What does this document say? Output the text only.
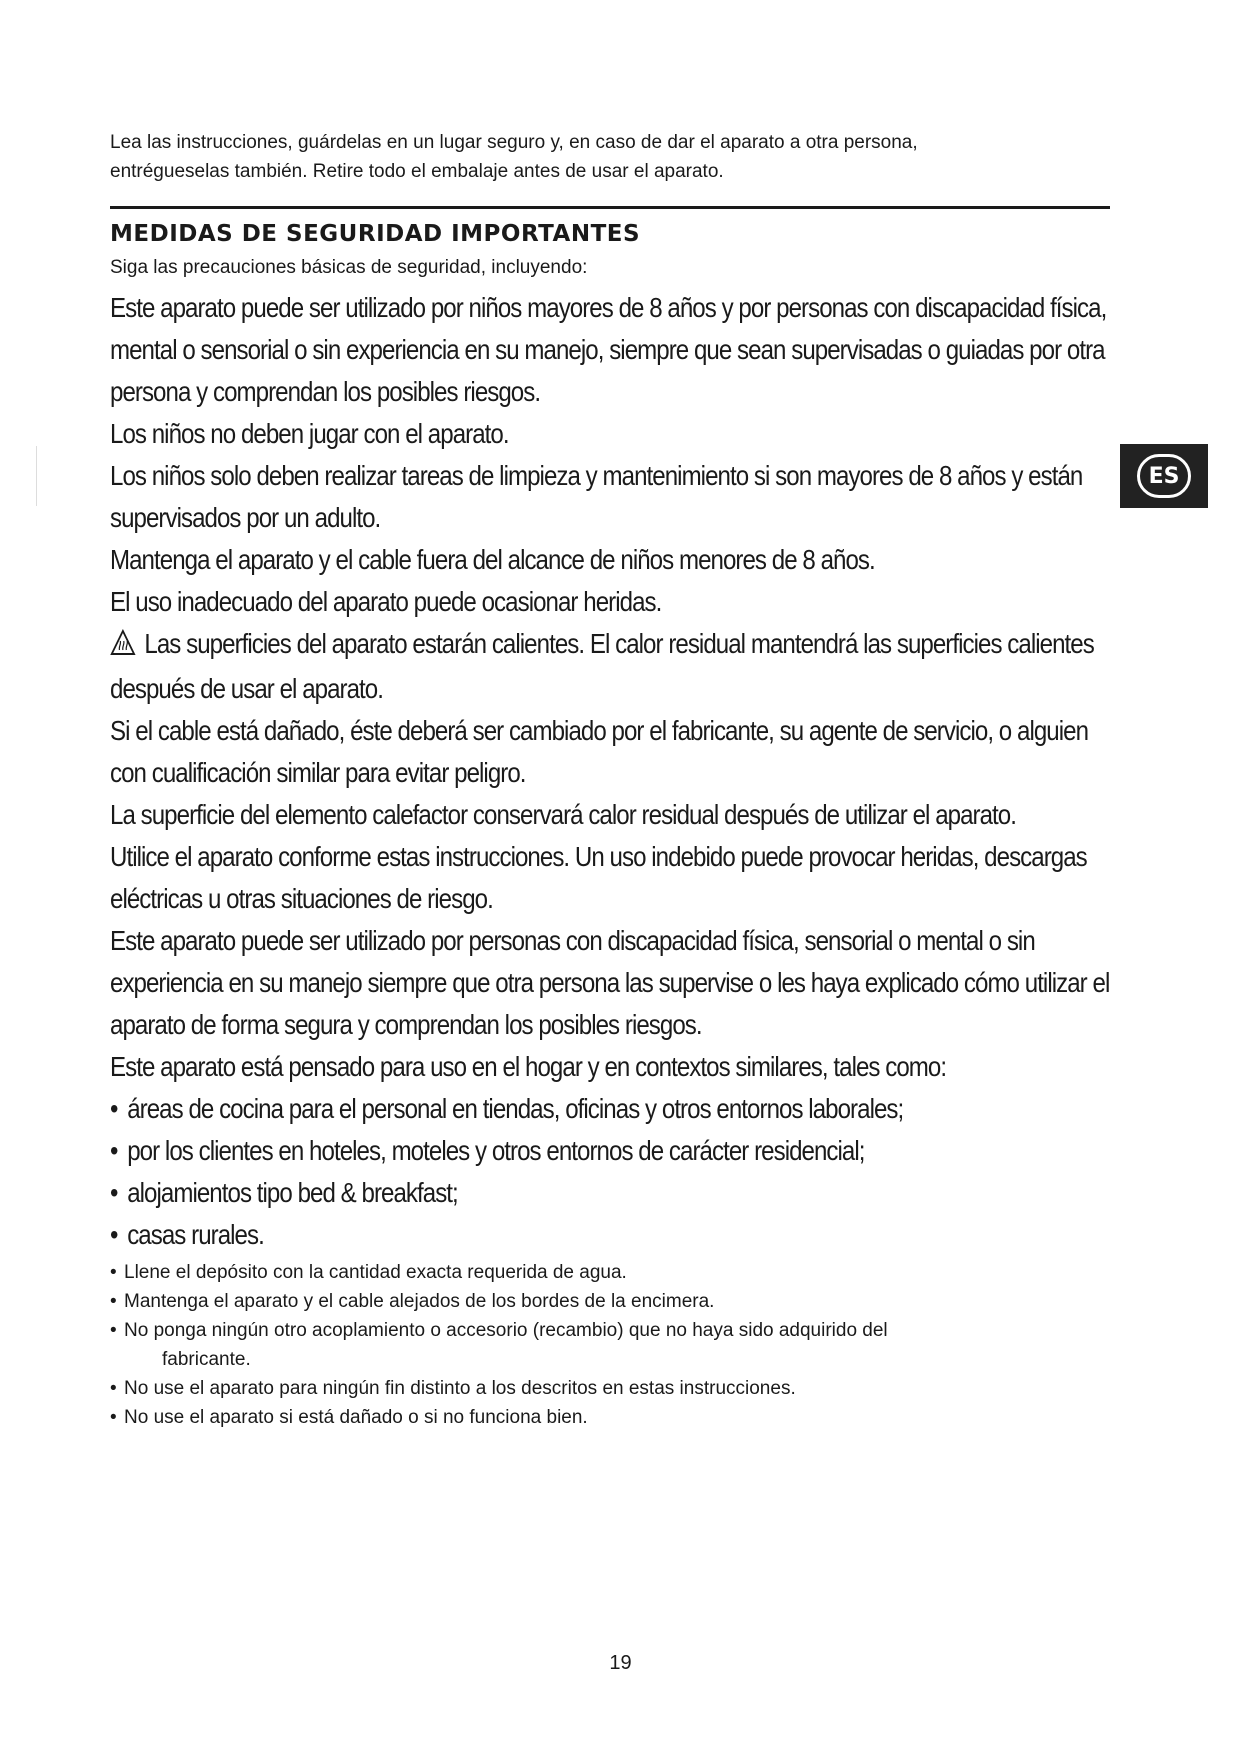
Lea las instrucciones, guárdelas en un lugar seguro y, en caso de dar el aparato a otra persona,

entrégueselas también. Retire todo el embalaje antes de usar el aparato.

MEDIDAS DE SEGURIDAD IMPORTANTES

Siga las precauciones básicas de seguridad, incluyendo:

Este aparato puede ser utilizado por niños mayores de 8 años y por personas con discapacidad física,

mental o sensorial o sin experiencia en su manejo, siempre que sean supervisadas o guiadas por otra

persona y comprendan los posibles riesgos.

Los niños no deben jugar con el aparato.

Los niños solo deben realizar tareas de limpieza y mantenimiento si son mayores de 8 años y están

supervisados por un adulto.

Mantenga el aparato y el cable fuera del alcance de niños menores de 8 años.

El uso inadecuado del aparato puede ocasionar heridas.

Las superficies del aparato estarán calientes. El calor residual mantendrá las superficies calientes

después de usar el aparato.

Si el cable está dañado, éste deberá ser cambiado por el fabricante, su agente de servicio, o alguien

con cualificación similar para evitar peligro.

La superficie del elemento calefactor conservará calor residual después de utilizar el aparato.

Utilice el aparato conforme estas instrucciones. Un uso indebido puede provocar heridas, descargas

eléctricas u otras situaciones de riesgo.

Este aparato puede ser utilizado por personas con discapacidad física, sensorial o mental o sin

experiencia en su manejo siempre que otra persona las supervise o les haya explicado cómo utilizar el

aparato de forma segura y comprendan los posibles riesgos.

Este aparato está pensado para uso en el hogar y en contextos similares, tales como:

• áreas de cocina para el personal en tiendas, oficinas y otros entornos laborales;

• por los clientes en hoteles, moteles y otros entornos de carácter residencial;

• alojamientos tipo bed & breakfast;

• casas rurales.

• Llene el depósito con la cantidad exacta requerida de agua.

• Mantenga el aparato y el cable alejados de los bordes de la encimera.

• No ponga ningún otro acoplamiento o accesorio (recambio) que no haya sido adquirido del
fabricante.

• No use el aparato para ningún fin distinto a los descritos en estas instrucciones.

• No use el aparato si está dañado o si no funciona bien.

ES
19
